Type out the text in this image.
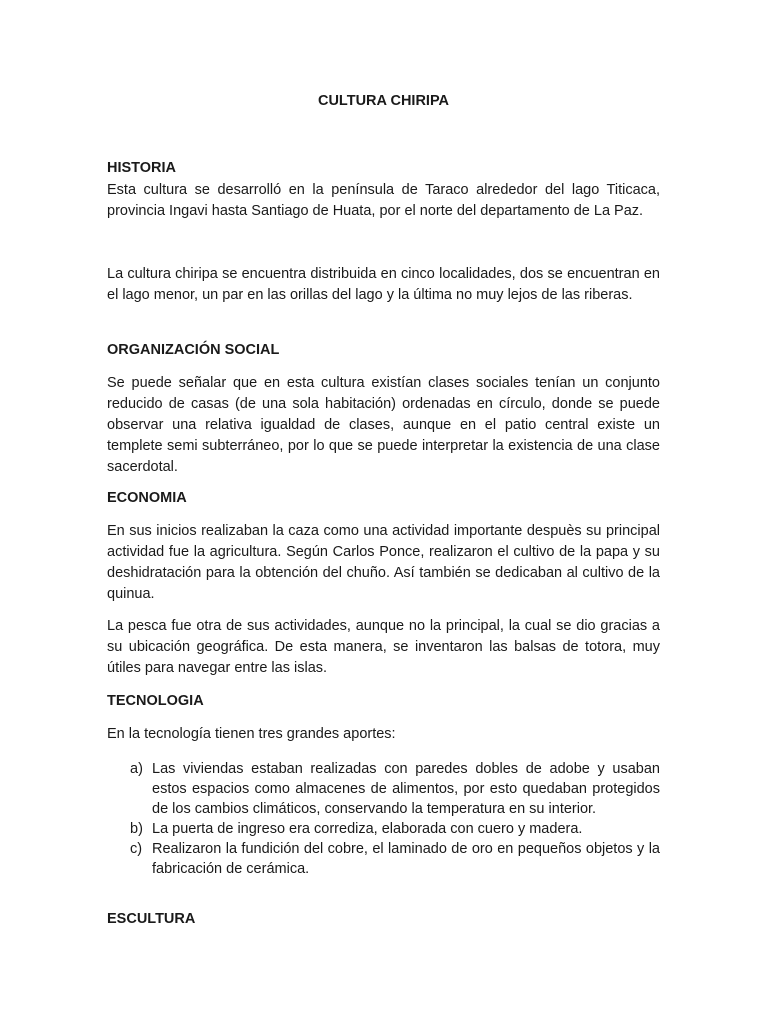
CULTURA CHIRIPA
HISTORIA

Esta cultura se desarrolló en la península de Taraco alrededor del lago Titicaca, provincia Ingavi hasta Santiago de Huata, por el norte del departamento de La Paz.

La cultura chiripa se encuentra distribuida en cinco localidades, dos se encuentran en el lago menor, un par en las orillas del lago y la última no muy lejos de las riberas.

ORGANIZACIÓN SOCIAL

Se puede señalar que en esta cultura existían clases sociales tenían un conjunto reducido de casas (de una sola habitación) ordenadas en círculo, donde se puede observar una relativa igualdad de clases, aunque en el patio central existe un templete semi subterráneo, por lo que se puede interpretar la existencia de una clase sacerdotal.

ECONOMIA

En sus inicios realizaban la caza como una actividad importante despuès su principal actividad fue la agricultura. Según Carlos Ponce, realizaron el cultivo de la papa y su deshidratación para la obtención del chuño. Así también se dedicaban al cultivo de la quinua.

La pesca fue otra de sus actividades, aunque no la principal, la cual se dio gracias a su ubicación geográfica. De esta manera, se inventaron las balsas de totora, muy útiles para navegar entre las islas.

TECNOLOGIA

En la tecnología tienen tres grandes aportes:

a) Las viviendas estaban realizadas con paredes dobles de adobe y usaban estos espacios como almacenes de alimentos, por esto quedaban protegidos de los cambios climáticos, conservando la temperatura en su interior.
b) La puerta de ingreso era corrediza, elaborada con cuero y madera.
c) Realizaron la fundición del cobre, el laminado de oro en pequeños objetos y la fabricación de cerámica.
ESCULTURA
